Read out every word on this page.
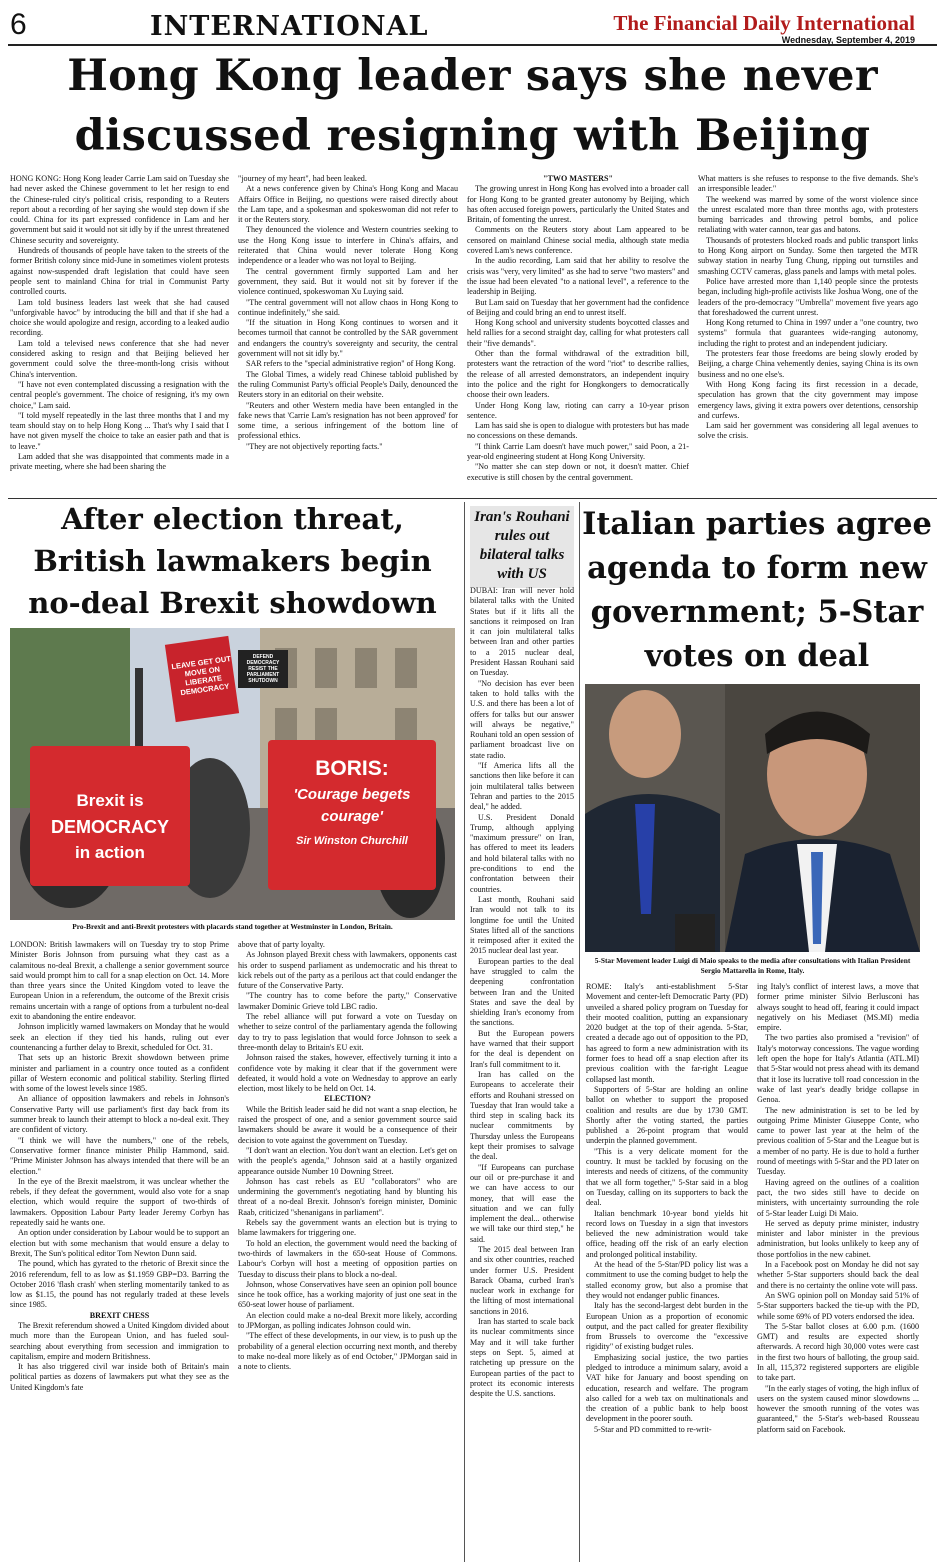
6	INTERNATIONAL	The Financial Daily International
Wednesday, September 4, 2019
Hong Kong leader says she never
discussed resigning with Beijing

HONG KONG: Hong Kong leader Carrie Lam said on Tuesday she had never asked the Chinese government to let her resign to end the Chinese-ruled city's political crisis, responding to a Reuters report about a recording of her saying she would step down if she could. China for its part expressed confidence in Lam and her government but said it would not sit idly by if the unrest threatened Chinese security and sovereignty.

Hundreds of thousands of people have taken to the streets of the former British colony since mid-June in sometimes violent protests against now-suspended draft legislation that could have seen people sent to mainland China for trial in Communist Party controlled courts.

Lam told business leaders last week that she had caused "unforgivable havoc" by introducing the bill and that if she had a choice she would apologize and resign, according to a leaked audio recording.

Lam told a televised news conference that she had never considered asking to resign and that Beijing believed her government could solve the three-month-long crisis without China's intervention.

"I have not even contemplated discussing a resignation with the central people's government. The choice of resigning, it's my own choice," Lam said.

"I told myself repeatedly in the last three months that I and my team should stay on to help Hong Kong ... That's why I said that I have not given myself the choice to take an easier path and that is to leave."

Lam added that she was disappointed that comments made in a private meeting, where she had been sharing the

"journey of my heart", had been leaked.

At a news conference given by China's Hong Kong and Macau Affairs Office in Beijing, no questions were raised directly about the Lam tape, and a spokesman and spokeswoman did not refer to it or the Reuters story.

They denounced the violence and Western countries seeking to use the Hong Kong issue to interfere in China's affairs, and reiterated that China would never tolerate Hong Kong independence or a leader who was not loyal to Beijing.

The central government firmly supported Lam and her government, they said. But it would not sit by forever if the violence continued, spokeswoman Xu Luying said.

"The central government will not allow chaos in Hong Kong to continue indefinitely," she said.

"If the situation in Hong Kong continues to worsen and it becomes turmoil that cannot be controlled by the SAR government and endangers the country's sovereignty and security, the central government will not sit idly by."

SAR refers to the "special administrative region" of Hong Kong.

The Global Times, a widely read Chinese tabloid published by the ruling Communist Party's official People's Daily, denounced the Reuters story in an editorial on their website.

"Reuters and other Western media have been entangled in the fake news that 'Carrie Lam's resignation has not been approved' for some time, a serious infringement of the bottom line of professional ethics.

"They are not objectively reporting facts."

"TWO MASTERS"

The growing unrest in Hong Kong has evolved into a broader call for Hong Kong to be granted greater autonomy by Beijing, which has often accused foreign powers, particularly the United States and Britain, of fomenting the unrest.

Comments on the Reuters story about Lam appeared to be censored on mainland Chinese social media, although state media covered Lam's news conference.

In the audio recording, Lam said that her ability to resolve the crisis was "very, very limited" as she had to serve "two masters" and the issue had been elevated "to a national level", a reference to the leadership in Beijing.

But Lam said on Tuesday that her government had the confidence of Beijing and could bring an end to unrest itself.

Hong Kong school and university students boycotted classes and held rallies for a second straight day, calling for what protesters call their "five demands".

Other than the formal withdrawal of the extradition bill, protesters want the retraction of the word "riot" to describe rallies, the release of all arrested demonstrators, an independent inquiry into the police and the right for Hongkongers to democratically choose their own leaders.

Under Hong Kong law, rioting can carry a 10-year prison sentence.

Lam has said she is open to dialogue with protesters but has made no concessions on these demands.

"I think Carrie Lam doesn't have much power," said Poon, a 21-year-old engineering student at Hong Kong University.

"No matter she can step down or not, it doesn't matter. Chief executive is still chosen by the central government.

What matters is she refuses to response to the five demands. She's an irresponsible leader."

The weekend was marred by some of the worst violence since the unrest escalated more than three months ago, with protesters burning barricades and throwing petrol bombs, and police retaliating with water cannon, tear gas and batons.

Thousands of protesters blocked roads and public transport links to Hong Kong airport on Sunday. Some then targeted the MTR subway station in nearby Tung Chung, ripping out turnstiles and smashing CCTV cameras, glass panels and lamps with metal poles.

Police have arrested more than 1,140 people since the protests began, including high-profile activists like Joshua Wong, one of the leaders of the pro-democracy "Umbrella" movement five years ago that foreshadowed the current unrest.

Hong Kong returned to China in 1997 under a "one country, two systems" formula that guarantees wide-ranging autonomy, including the right to protest and an independent judiciary.

The protesters fear those freedoms are being slowly eroded by Beijing, a charge China vehemently denies, saying China is its own business and no one else's.

With Hong Kong facing its first recession in a decade, speculation has grown that the city government may impose emergency laws, giving it extra powers over detentions, censorship and curfews.

Lam said her government was considering all legal avenues to solve the crisis.

After election threat, British lawmakers begin no-deal Brexit showdown
LEAVE GET OUT MOVE ON LIBERATE DEMOCRACY
DEFEND DEMOCRACY RESIST THE PARLIAMENT SHUTDOWN
Brexit is
DEMOCRACY
in action
BORIS:
'Courage begets
courage'
Sir Winston Churchill
Pro-Brexit and anti-Brexit protesters with placards stand together at Westminster in London, Britain.

LONDON: British lawmakers will on Tuesday try to stop Prime Minister Boris Johnson from pursuing what they cast as a calamitous no-deal Brexit, a challenge a senior government source said would prompt him to call for a snap election on Oct. 14. More than three years since the United Kingdom voted to leave the European Union in a referendum, the outcome of the Brexit crisis remains uncertain with a range of options from a turbulent no-deal exit to abandoning the entire endeavor.

Johnson implicitly warned lawmakers on Monday that he would seek an election if they tied his hands, ruling out ever countenancing a further delay to Brexit, scheduled for Oct. 31.

That sets up an historic Brexit showdown between prime minister and parliament in a country once touted as a confident pillar of Western economic and political stability. Sterling flirted with some of the lowest levels since 1985.

An alliance of opposition lawmakers and rebels in Johnson's Conservative Party will use parliament's first day back from its summer break to launch their attempt to block a no-deal exit. They are confident of victory.

"I think we will have the numbers," one of the rebels, Conservative former finance minister Philip Hammond, said. "Prime Minister Johnson has always intended that there will be an election."

In the eye of the Brexit maelstrom, it was unclear whether the rebels, if they defeat the government, would also vote for a snap election, which would require the support of two-thirds of lawmakers. Opposition Labour Party leader Jeremy Corbyn has repeatedly said he wants one.

An option under consideration by Labour would be to support an election but with some mechanism that would ensure a delay to Brexit, The Sun's political editor Tom Newton Dunn said.

The pound, which has gyrated to the rhetoric of Brexit since the 2016 referendum, fell to as low as $1.1959 GBP=D3. Barring the October 2016 'flash crash' when sterling momentarily tanked to as low as $1.15, the pound has not regularly traded at these levels since 1985.

BREXIT CHESS

The Brexit referendum showed a United Kingdom divided about much more than the European Union, and has fueled soul-searching about everything from secession and immigration to capitalism, empire and modern Britishness.

It has also triggered civil war inside both of Britain's main political parties as dozens of lawmakers put what they see as the United Kingdom's fate

above that of party loyalty.

As Johnson played Brexit chess with lawmakers, opponents cast his order to suspend parliament as undemocratic and his threat to kick rebels out of the party as a perilous act that could endanger the future of the Conservative Party.

"The country has to come before the party," Conservative lawmaker Dominic Grieve told LBC radio.

The rebel alliance will put forward a vote on Tuesday on whether to seize control of the parliamentary agenda the following day to try to pass legislation that would force Johnson to seek a three-month delay to Britain's EU exit.

Johnson raised the stakes, however, effectively turning it into a confidence vote by making it clear that if the government were defeated, it would hold a vote on Wednesday to approve an early election, most likely to be held on Oct. 14.

ELECTION?

While the British leader said he did not want a snap election, he raised the prospect of one, and a senior government source said lawmakers should be aware it would be a consequence of their decision to vote against the government on Tuesday.

"I don't want an election. You don't want an election. Let's get on with the people's agenda," Johnson said at a hastily organized appearance outside Number 10 Downing Street.

Johnson has cast rebels as EU "collaborators" who are undermining the government's negotiating hand by blunting his threat of a no-deal Brexit. Johnson's foreign minister, Dominic Raab, criticized "shenanigans in parliament".

Rebels say the government wants an election but is trying to blame lawmakers for triggering one.

To hold an election, the government would need the backing of two-thirds of lawmakers in the 650-seat House of Commons. Labour's Corbyn will host a meeting of opposition parties on Tuesday to discuss their plans to block a no-deal.

Johnson, whose Conservatives have seen an opinion poll bounce since he took office, has a working majority of just one seat in the 650-seat lower house of parliament.

An election could make a no-deal Brexit more likely, according to JPMorgan, as polling indicates Johnson could win.

"The effect of these developments, in our view, is to push up the probability of a general election occurring next month, and thereby to make no-deal more likely as of end October," JPMorgan said in a note to clients.

Iran's Rouhani rules out bilateral talks with US

DUBAI: Iran will never hold bilateral talks with the United States but if it lifts all the sanctions it reimposed on Iran it can join multilateral talks between Iran and other parties to a 2015 nuclear deal, President Hassan Rouhani said on Tuesday.

"No decision has ever been taken to hold talks with the U.S. and there has been a lot of offers for talks but our answer will always be negative," Rouhani told an open session of parliament broadcast live on state radio.

"If America lifts all the sanctions then like before it can join multilateral talks between Tehran and parties to the 2015 deal," he added.

U.S. President Donald Trump, although applying "maximum pressure" on Iran, has offered to meet its leaders and hold bilateral talks with no pre-conditions to end the confrontation between their countries.

Last month, Rouhani said Iran would not talk to its longtime foe until the United States lifted all of the sanctions it reimposed after it exited the 2015 nuclear deal last year.

European parties to the deal have struggled to calm the deepening confrontation between Iran and the United States and save the deal by shielding Iran's economy from the sanctions.

But the European powers have warned that their support for the deal is dependent on Iran's full commitment to it.

Iran has called on the Europeans to accelerate their efforts and Rouhani stressed on Tuesday that Iran would take a third step in scaling back its nuclear commitments by Thursday unless the Europeans kept their promises to salvage the deal.

"If Europeans can purchase our oil or pre-purchase it and we can have access to our money, that will ease the situation and we can fully implement the deal... otherwise we will take our third step," he said.

The 2015 deal between Iran and six other countries, reached under former U.S. President Barack Obama, curbed Iran's nuclear work in exchange for the lifting of most international sanctions in 2016.

Iran has started to scale back its nuclear commitments since May and it will take further steps on Sept. 5, aimed at ratcheting up pressure on the European parties of the pact to protect its economic interests despite the U.S. sanctions.

Italian parties agree agenda to form new government; 5-Star votes on deal
5-Star Movement leader Luigi di Maio speaks to the media after consultations with Italian President Sergio Mattarella in Rome, Italy.

ROME: Italy's anti-establishment 5-Star Movement and center-left Democratic Party (PD) unveiled a shared policy program on Tuesday for their mooted coalition, putting an expansionary 2020 budget at the top of their agenda. 5-Star, created a decade ago out of opposition to the PD, has agreed to form a new administration with its former foes to head off a snap election after its previous coalition with the far-right League collapsed last month.

Supporters of 5-Star are holding an online ballot on whether to support the proposed coalition and results are due by 1730 GMT. Shortly after the voting started, the parties published a 26-point program that would underpin the planned government.

"This is a very delicate moment for the country. It must be tackled by focusing on the interests and needs of citizens, of the community that we all form together," 5-Star said in a blog on Tuesday, calling on its supporters to back the deal.

Italian benchmark 10-year bond yields hit record lows on Tuesday in a sign that investors believed the new administration would take office, heading off the risk of an early election and prolonged political instability.

At the head of the 5-Star/PD policy list was a commitment to use the coming budget to help the stalled economy grow, but also a promise that they would not endanger public finances.

Italy has the second-largest debt burden in the European Union as a proportion of economic output, and the pact called for greater flexibility from Brussels to overcome the "excessive rigidity" of existing budget rules.

Emphasizing social justice, the two parties pledged to introduce a minimum salary, avoid a VAT hike for January and boost spending on education, research and welfare. The program also called for a web tax on multinationals and the creation of a public bank to help boost development in the poorer south.

5-Star and PD committed to re-writ-

ing Italy's conflict of interest laws, a move that former prime minister Silvio Berlusconi has always sought to head off, fearing it could impact negatively on his Mediaset (MS.MI) media empire.

The two parties also promised a "revision" of Italy's motorway concessions. The vague wording left open the hope for Italy's Atlantia (ATL.MI) that 5-Star would not press ahead with its demand that it lose its lucrative toll road concession in the wake of last year's deadly bridge collapse in Genoa.

The new administration is set to be led by outgoing Prime Minister Giuseppe Conte, who came to power last year at the helm of the previous coalition of 5-Star and the League but is a member of no party. He is due to hold a further round of meetings with 5-Star and the PD later on Tuesday.

Having agreed on the outlines of a coalition pact, the two sides still have to decide on ministers, with uncertainty surrounding the role of 5-Star leader Luigi Di Maio.

He served as deputy prime minister, industry minister and labor minister in the previous administration, but looks unlikely to keep any of those portfolios in the new cabinet.

In a Facebook post on Monday he did not say whether 5-Star supporters should back the deal and there is no certainty the online vote will pass.

An SWG opinion poll on Monday said 51% of 5-Star supporters backed the tie-up with the PD, while some 69% of PD voters endorsed the idea.

The 5-Star ballot closes at 6.00 p.m. (1600 GMT) and results are expected shortly afterwards. A record high 30,000 votes were cast in the first two hours of balloting, the group said. In all, 115,372 registered supporters are eligible to take part.

"In the early stages of voting, the high influx of users on the system caused minor slowdowns ... however the smooth running of the votes was guaranteed," the 5-Star's web-based Rousseau platform said on Facebook.
